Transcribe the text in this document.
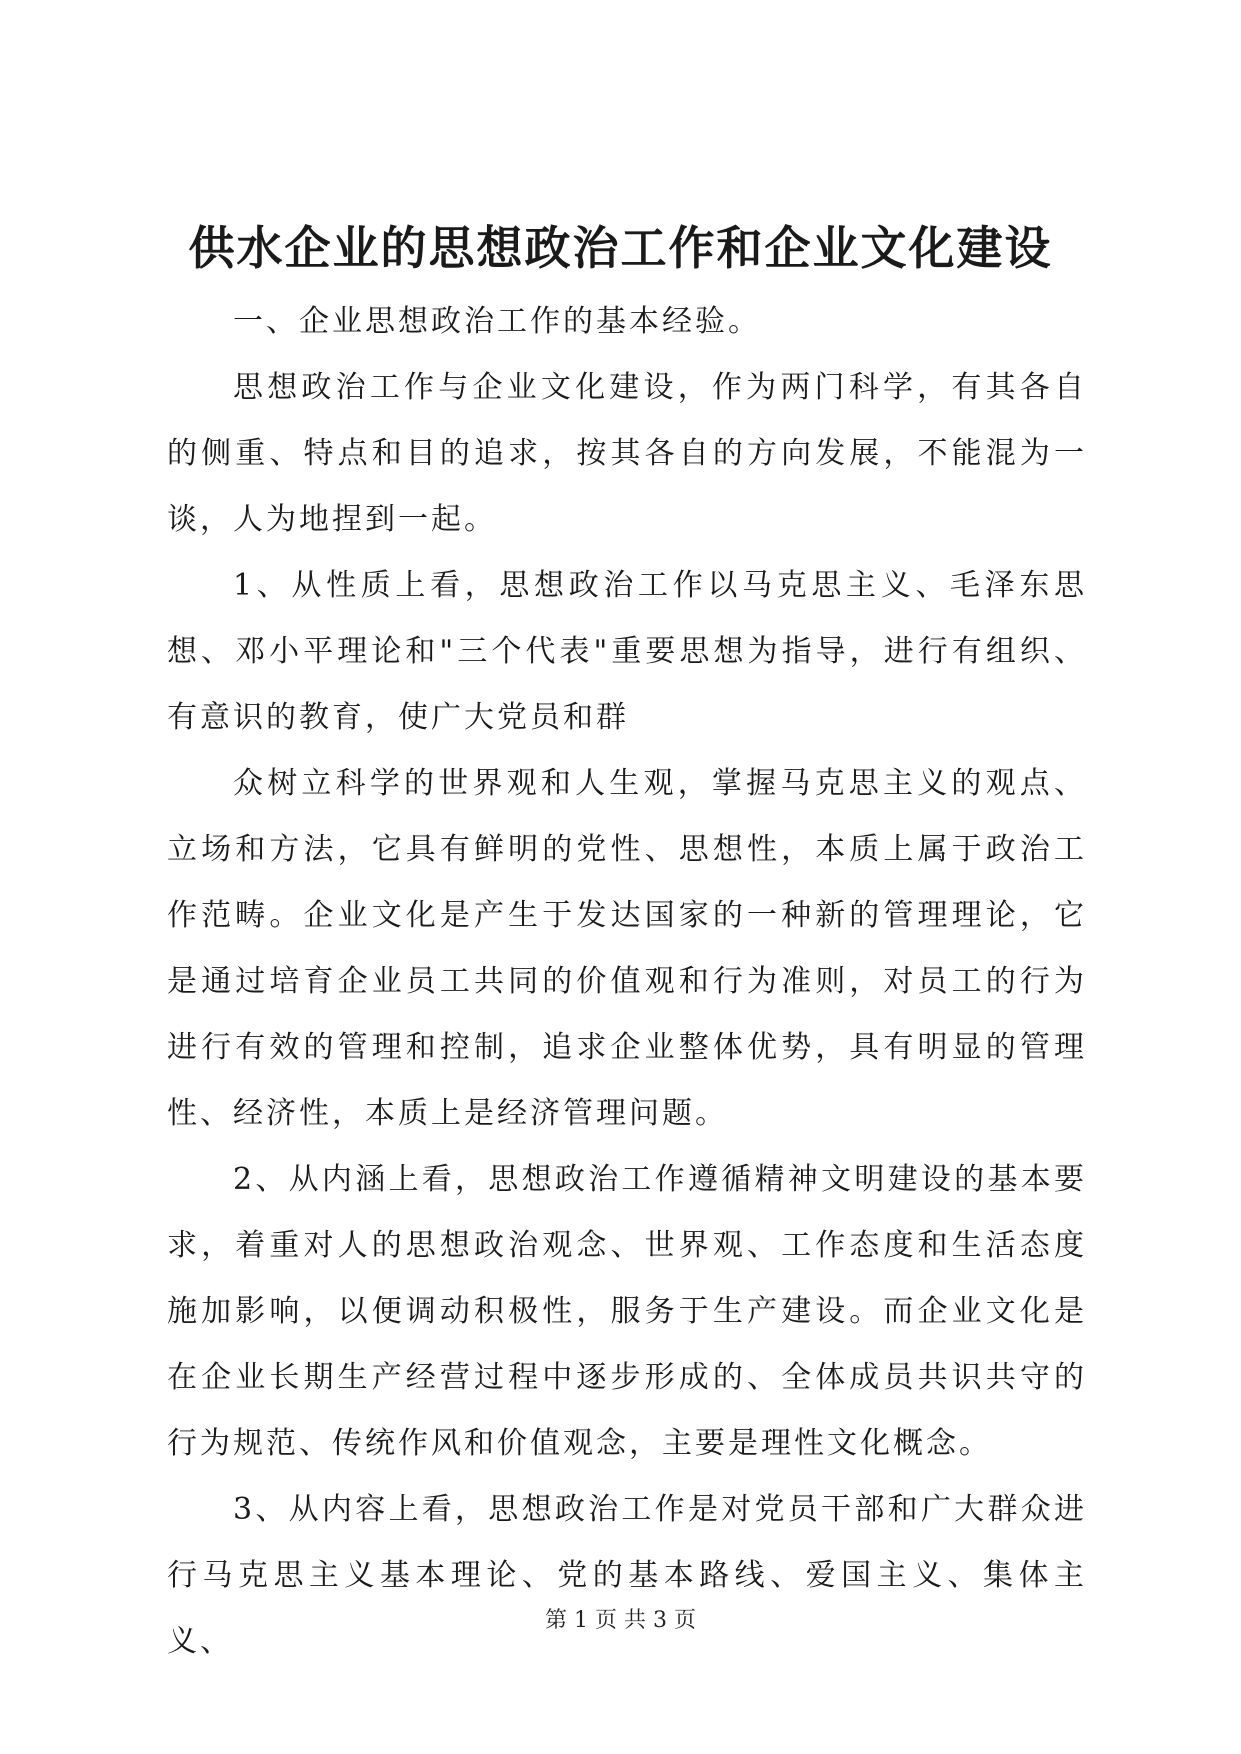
供水企业的思想政治工作和企业文化建设

一、企业思想政治工作的基本经验。

思想政治工作与企业文化建设，作为两门科学，有其各自的侧重、特点和目的追求，按其各自的方向发展，不能混为一谈，人为地捏到一起。

1、从性质上看，思想政治工作以马克思主义、毛泽东思想、邓小平理论和"三个代表"重要思想为指导，进行有组织、有意识的教育，使广大党员和群

众树立科学的世界观和人生观，掌握马克思主义的观点、立场和方法，它具有鲜明的党性、思想性，本质上属于政治工作范畴。企业文化是产生于发达国家的一种新的管理理论，它是通过培育企业员工共同的价值观和行为准则，对员工的行为进行有效的管理和控制，追求企业整体优势，具有明显的管理性、经济性，本质上是经济管理问题。

2、从内涵上看，思想政治工作遵循精神文明建设的基本要求，着重对人的思想政治观念、世界观、工作态度和生活态度施加影响，以便调动积极性，服务于生产建设。而企业文化是在企业长期生产经营过程中逐步形成的、全体成员共识共守的行为规范、传统作风和价值观念，主要是理性文化概念。

3、从内容上看，思想政治工作是对党员干部和广大群众进行马克思主义基本理论、党的基本路线、爱国主义、集体主义、

第 1 页 共 3 页
